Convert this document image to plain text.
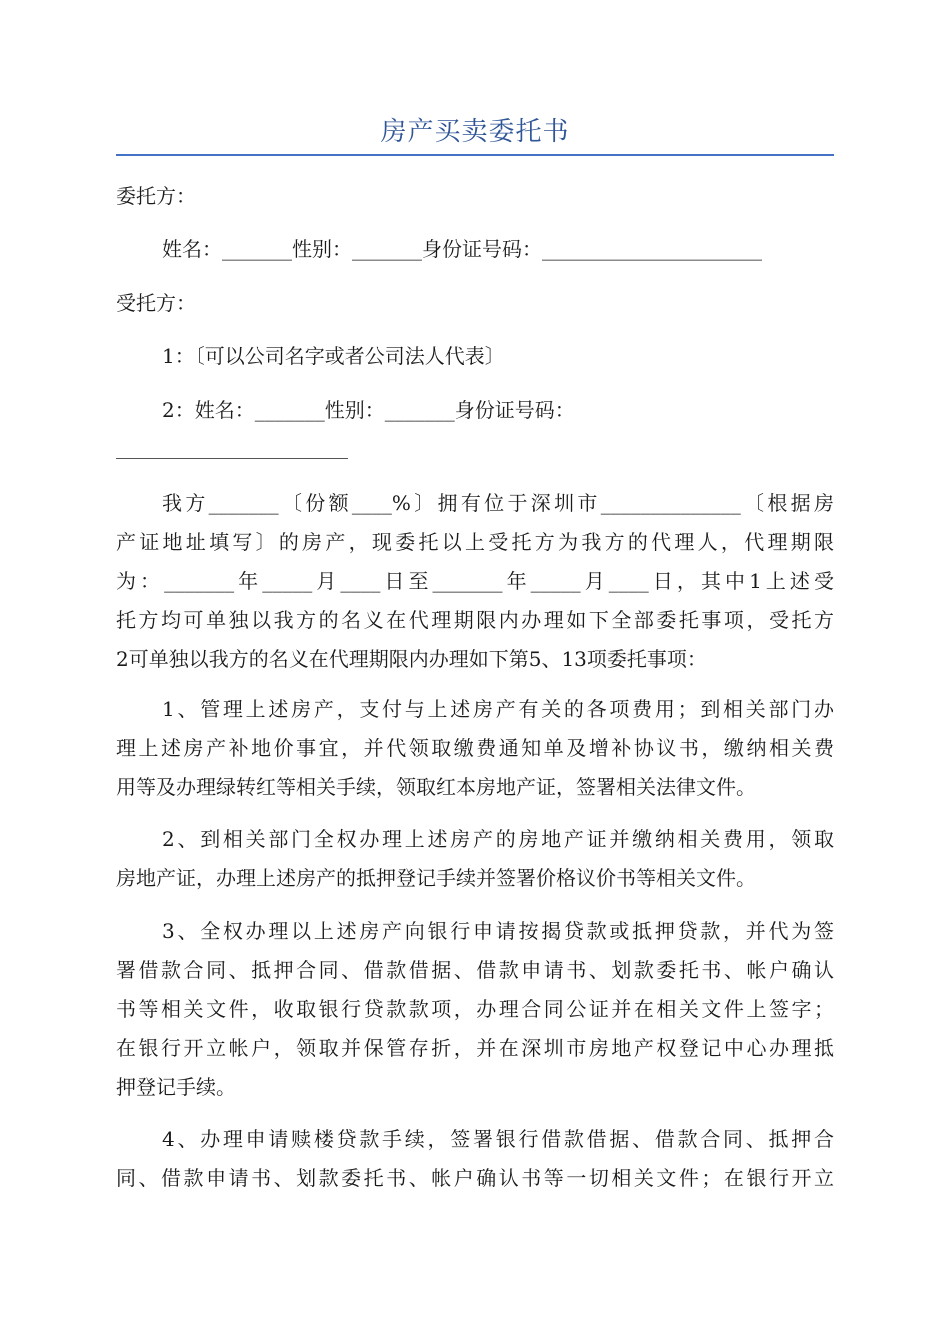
房产买卖委托书
委托方：
姓名：_______性别：_______身份证号码：______________________
受托方：
1：〔可以公司名字或者公司法人代表〕
2：姓名：_______性别：_______身份证号码：
我方_______〔份额____%〕拥有位于深圳市______________〔根据房
产证地址填写〕的房产，现委托以上受托方为我方的代理人，代理期限
为：_______年_____月____日至_______年_____月____日，其中1上述受
托方均可单独以我方的名义在代理期限内办理如下全部委托事项，受托方
2可单独以我方的名义在代理期限内办理如下第5、13项委托事项：
1、管理上述房产，支付与上述房产有关的各项费用；到相关部门办
理上述房产补地价事宜，并代领取缴费通知单及增补协议书，缴纳相关费
用等及办理绿转红等相关手续，领取红本房地产证，签署相关法律文件。
2、到相关部门全权办理上述房产的房地产证并缴纳相关费用，领取
房地产证，办理上述房产的抵押登记手续并签署价格议价书等相关文件。
3、全权办理以上述房产向银行申请按揭贷款或抵押贷款，并代为签
署借款合同、抵押合同、借款借据、借款申请书、划款委托书、帐户确认
书等相关文件，收取银行贷款款项，办理合同公证并在相关文件上签字；
在银行开立帐户，领取并保管存折，并在深圳市房地产权登记中心办理抵
押登记手续。
4、办理申请赎楼贷款手续，签署银行借款借据、借款合同、抵押合
同、借款申请书、划款委托书、帐户确认书等一切相关文件；在银行开立
